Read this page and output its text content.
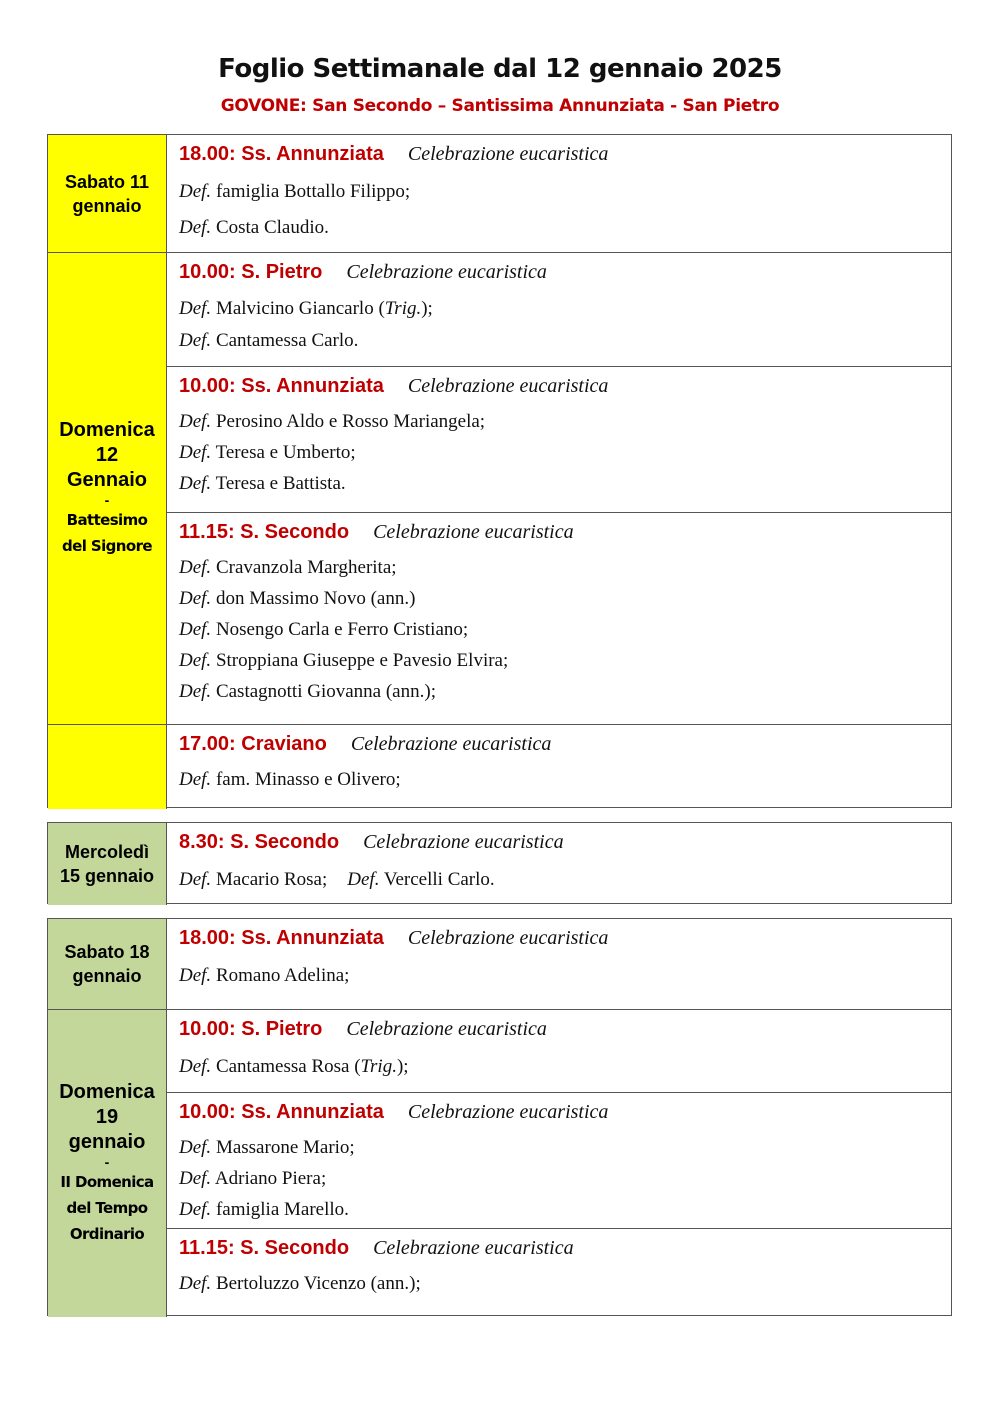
Foglio Settimanale dal 12 gennaio 2025
GOVONE: San Secondo – Santissima Annunziata - San Pietro
Sabato 11
gennaio
Domenica
12
Gennaio
-
Battesimo
del Signore
18.00: Ss. Annunziata Celebrazione eucaristica
Def. famiglia Bottallo Filippo;
Def. Costa Claudio.
10.00: S. Pietro Celebrazione eucaristica
Def. Malvicino Giancarlo (Trig.);
Def. Cantamessa Carlo.
10.00: Ss. Annunziata Celebrazione eucaristica
Def. Perosino Aldo e Rosso Mariangela;
Def. Teresa e Umberto;
Def. Teresa e Battista.
11.15: S. Secondo Celebrazione eucaristica
Def. Cravanzola Margherita;
Def. don Massimo Novo (ann.)
Def. Nosengo Carla e Ferro Cristiano;
Def. Stroppiana Giuseppe e Pavesio Elvira;
Def. Castagnotti Giovanna (ann.);
17.00: Craviano Celebrazione eucaristica
Def. fam. Minasso e Olivero;
Mercoledì
15 gennaio
8.30: S. Secondo Celebrazione eucaristica
Def. Macario Rosa; Def. Vercelli Carlo.
Sabato 18
gennaio
Domenica
19
gennaio
-
II Domenica
del Tempo
Ordinario
18.00: Ss. Annunziata Celebrazione eucaristica
Def. Romano Adelina;
10.00: S. Pietro Celebrazione eucaristica
Def. Cantamessa Rosa (Trig.);
10.00: Ss. Annunziata Celebrazione eucaristica
Def. Massarone Mario;
Def. Adriano Piera;
Def. famiglia Marello.
11.15: S. Secondo Celebrazione eucaristica
Def. Bertoluzzo Vicenzo (ann.);
